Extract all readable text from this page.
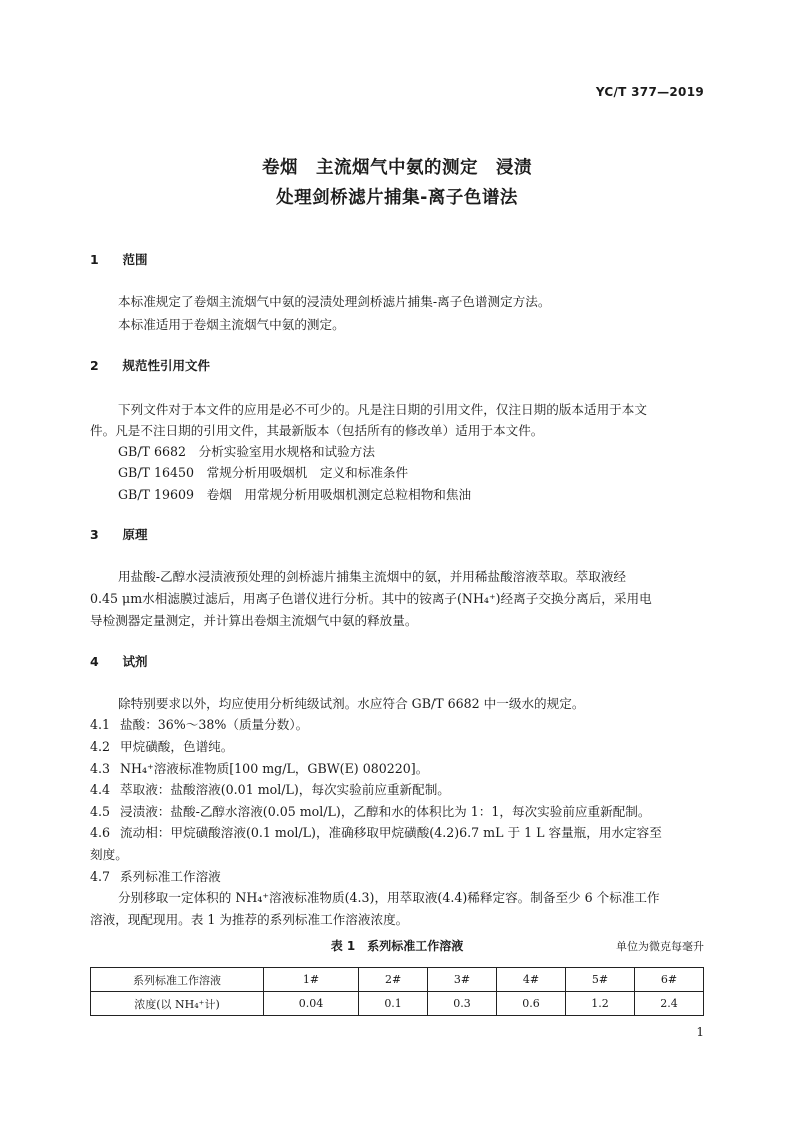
YC/T 377—2019
卷烟　主流烟气中氨的测定　浸渍
处理剑桥滤片捕集-离子色谱法
1　 范围
本标准规定了卷烟主流烟气中氨的浸渍处理剑桥滤片捕集-离子色谱测定方法。
本标准适用于卷烟主流烟气中氨的测定。
2　 规范性引用文件
下列文件对于本文件的应用是必不可少的。凡是注日期的引用文件，仅注日期的版本适用于本文
件。凡是不注日期的引用文件，其最新版本（包括所有的修改单）适用于本文件。
GB/T 6682　分析实验室用水规格和试验方法
GB/T 16450　常规分析用吸烟机　定义和标准条件
GB/T 19609　卷烟　用常规分析用吸烟机测定总粒相物和焦油
3　 原理
用盐酸-乙醇水浸渍液预处理的剑桥滤片捕集主流烟中的氨，并用稀盐酸溶液萃取。萃取液经
0.45 μm水相滤膜过滤后，用离子色谱仪进行分析。其中的铵离子(NH₄⁺)经离子交换分离后，采用电
导检测器定量测定，并计算出卷烟主流烟气中氨的释放量。
4　 试剂
除特别要求以外，均应使用分析纯级试剂。水应符合 GB/T 6682 中一级水的规定。
4.1 盐酸：36%～38%（质量分数）。
4.2 甲烷磺酸，色谱纯。
4.3 NH₄⁺溶液标准物质[100 mg/L，GBW(E) 080220]。
4.4 萃取液：盐酸溶液(0.01 mol/L)，每次实验前应重新配制。
4.5 浸渍液：盐酸-乙醇水溶液(0.05 mol/L)，乙醇和水的体积比为 1：1，每次实验前应重新配制。
4.6 流动相：甲烷磺酸溶液(0.1 mol/L)，准确移取甲烷磺酸(4.2)6.7 mL 于 1 L 容量瓶，用水定容至
刻度。
4.7 系列标准工作溶液
分别移取一定体积的 NH₄⁺溶液标准物质(4.3)，用萃取液(4.4)稀释定容。制备至少 6 个标准工作
溶液，现配现用。表 1 为推荐的系列标准工作溶液浓度。
表 1　系列标准工作溶液	单位为微克每毫升
系列标准工作溶液	1#	2#	3#	4#	5#	6#
浓度(以 NH₄⁺计)	0.04	0.1	0.3	0.6	1.2	2.4
1
